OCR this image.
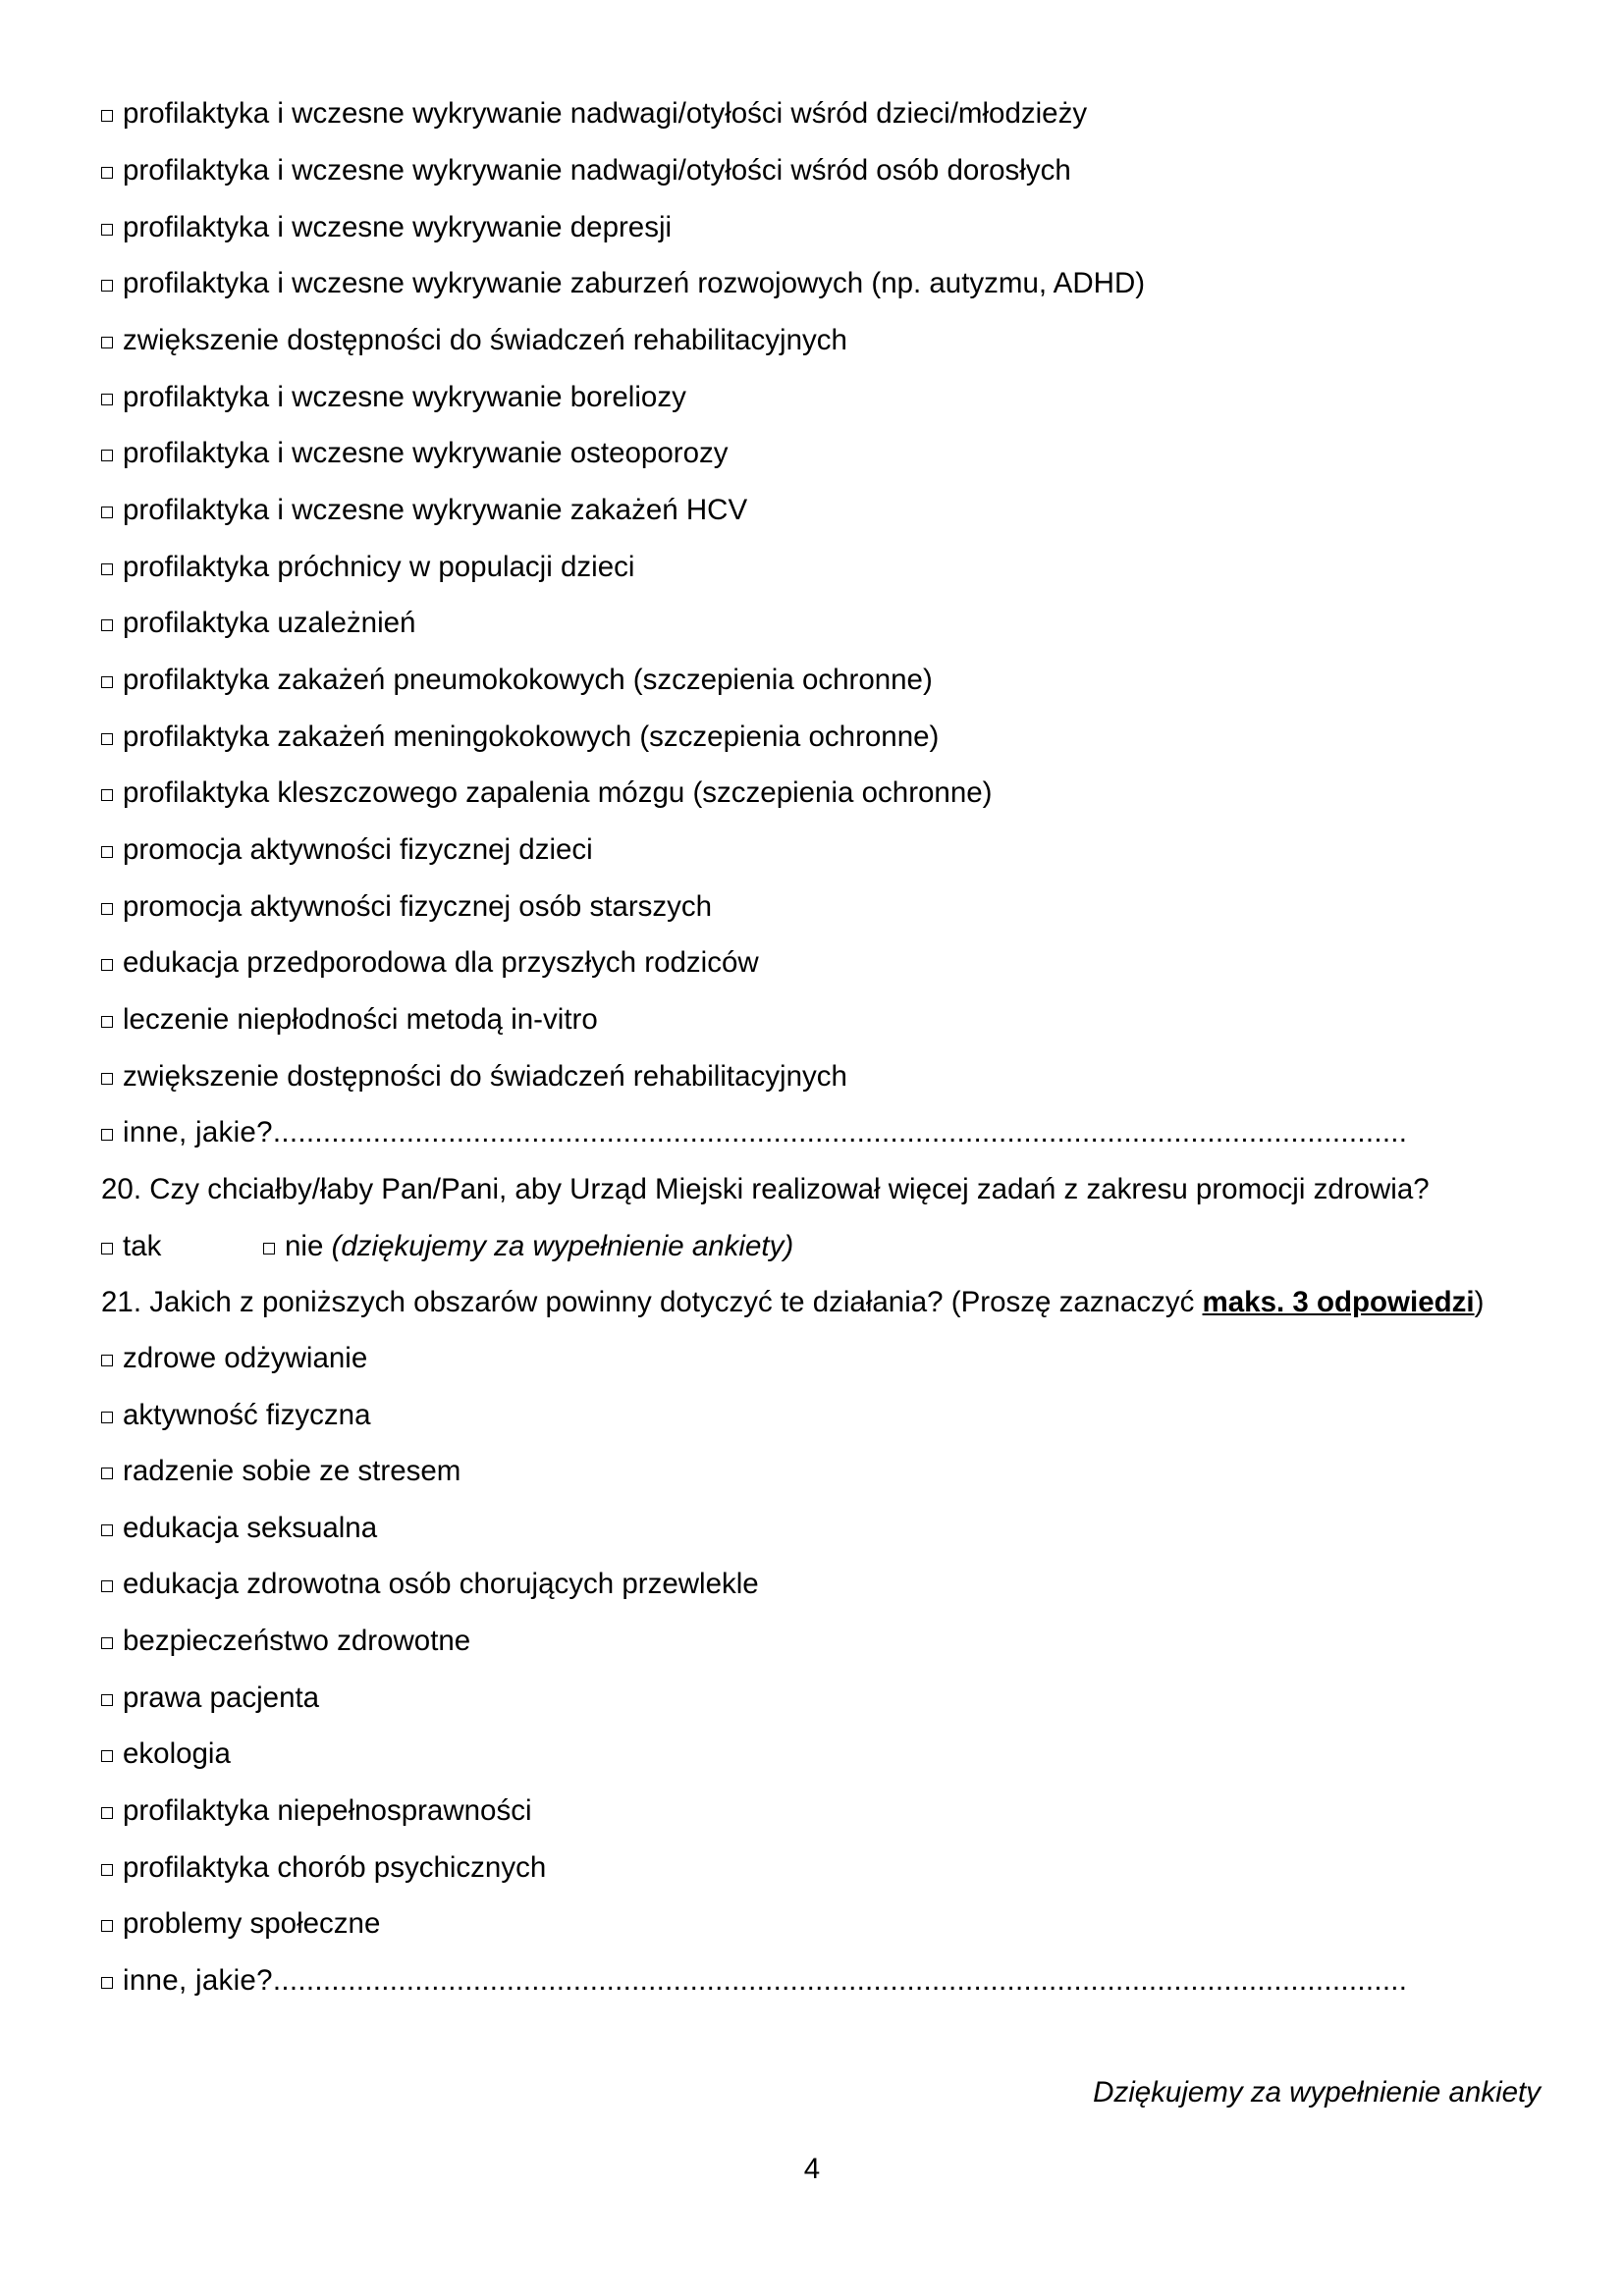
profilaktyka i wczesne wykrywanie nadwagi/otyłości wśród dzieci/młodzieży
profilaktyka i wczesne wykrywanie nadwagi/otyłości wśród osób dorosłych
profilaktyka i wczesne wykrywanie depresji
profilaktyka i wczesne wykrywanie zaburzeń rozwojowych (np. autyzmu, ADHD)
zwiększenie dostępności do świadczeń rehabilitacyjnych
profilaktyka i wczesne wykrywanie boreliozy
profilaktyka i wczesne wykrywanie osteoporozy
profilaktyka i wczesne wykrywanie zakażeń HCV
profilaktyka próchnicy w populacji dzieci
profilaktyka uzależnień
profilaktyka zakażeń pneumokokowych (szczepienia ochronne)
profilaktyka zakażeń meningokokowych (szczepienia ochronne)
profilaktyka kleszczowego zapalenia mózgu (szczepienia ochronne)
promocja aktywności fizycznej dzieci
promocja aktywności fizycznej osób starszych
edukacja przedporodowa dla przyszłych rodziców
leczenie niepłodności metodą in-vitro
zwiększenie dostępności do świadczeń rehabilitacyjnych
inne, jakie?........................................................................................................................................
20. Czy chciałby/łaby Pan/Pani, aby Urząd Miejski realizował więcej zadań z zakresu promocji zdrowia?
tak	nie (dziękujemy za wypełnienie ankiety)
21. Jakich z poniższych obszarów powinny dotyczyć te działania? (Proszę zaznaczyć maks. 3 odpowiedzi)
zdrowe odżywianie
aktywność fizyczna
radzenie sobie ze stresem
edukacja seksualna
edukacja zdrowotna osób chorujących przewlekle
bezpieczeństwo zdrowotne
prawa pacjenta
ekologia
profilaktyka niepełnosprawności
profilaktyka chorób psychicznych
problemy społeczne
inne, jakie?........................................................................................................................................
Dziękujemy za wypełnienie ankiety
4
